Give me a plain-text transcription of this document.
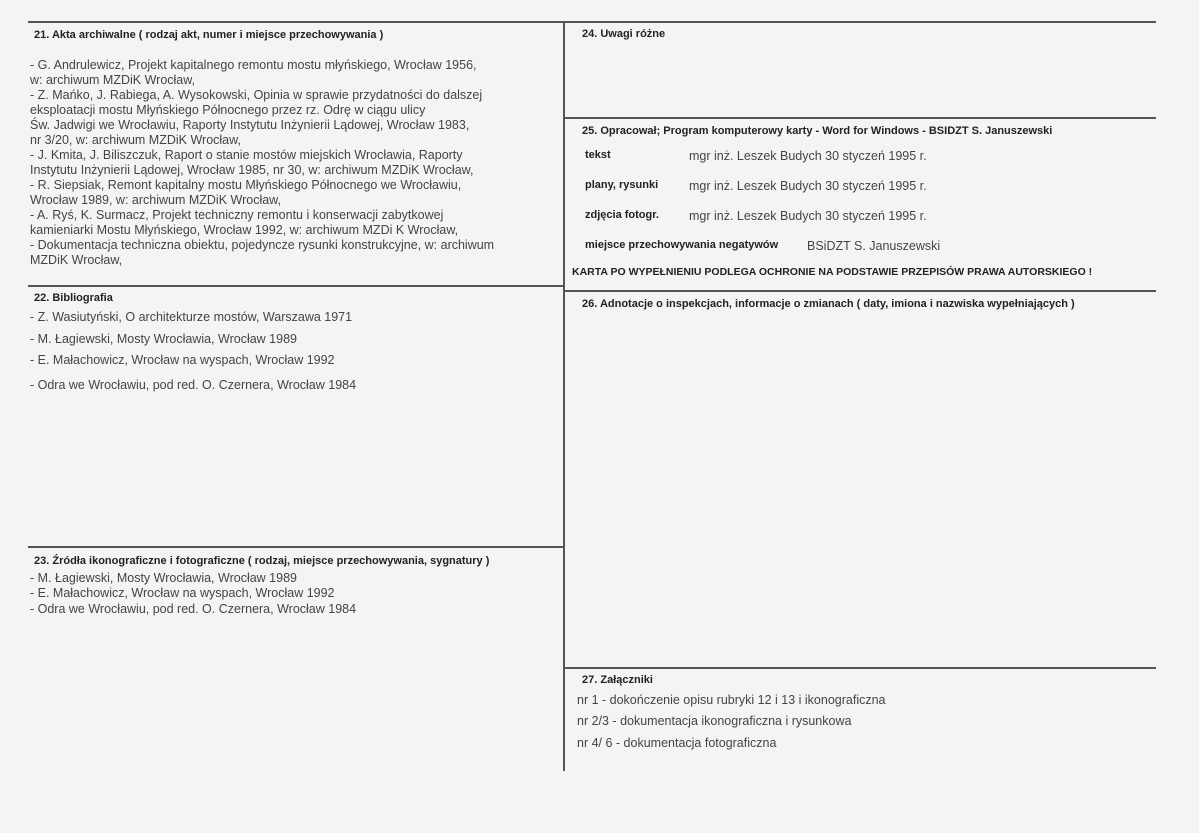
21. Akta archiwalne ( rodzaj akt, numer i miejsce przechowywania )
- G. Andrulewicz, Projekt kapitalnego remontu mostu młyńskiego, Wrocław 1956,
w: archiwum MZDiK Wrocław,
- Z. Mańko, J. Rabiega, A. Wysokowski, Opinia w sprawie przydatności do dalszej
eksploatacji mostu Młyńskiego Północnego przez rz. Odrę w ciągu ulicy
Św. Jadwigi we Wrocławiu, Raporty Instytutu Inżynierii Lądowej, Wrocław 1983,
nr 3/20, w: archiwum MZDiK Wrocław,
- J. Kmita, J. Biliszczuk, Raport o stanie mostów miejskich Wrocławia, Raporty
Instytutu Inżynierii Lądowej, Wrocław 1985, nr 30, w: archiwum MZDiK Wrocław,
- R. Siepsiak, Remont kapitalny mostu Młyńskiego Północnego we Wrocławiu,
Wrocław 1989, w: archiwum MZDiK Wrocław,
- A. Ryś, K. Surmacz, Projekt techniczny remontu i konserwacji zabytkowej
kamieniarki Mostu Młyńskiego, Wrocław 1992, w: archiwum MZDi K Wrocław,
- Dokumentacja techniczna obiektu, pojedyncze rysunki konstrukcyjne, w: archiwum
MZDiK Wrocław,
22. Bibliografia
- Z. Wasiutyński, O architekturze mostów, Warszawa 1971
- M. Łagiewski, Mosty Wrocławia, Wrocław 1989
- E. Małachowicz, Wrocław na wyspach, Wrocław 1992
- Odra we Wrocławiu, pod red. O. Czernera, Wrocław 1984
23. Źródła ikonograficzne i fotograficzne ( rodzaj, miejsce przechowywania, sygnatury )
- M. Łagiewski, Mosty Wrocławia, Wrocław 1989
- E. Małachowicz, Wrocław na wyspach, Wrocław 1992
- Odra we Wrocławiu, pod red. O. Czernera, Wrocław 1984
24. Uwagi różne
25. Opracował; Program komputerowy karty - Word for Windows - BSIDZT S. Januszewski
tekst	mgr inż. Leszek Budych 30 styczeń 1995 r.
plany, rysunki mgr inż. Leszek Budych 30 styczeń 1995 r.
zdjęcia fotogr. mgr inż. Leszek Budych 30 styczeń 1995 r.
miejsce przechowywania negatywów BSiDZT S. Januszewski
KARTA PO WYPEŁNIENIU PODLEGA OCHRONIE NA PODSTAWIE PRZEPISÓW PRAWA AUTORSKIEGO !
26. Adnotacje o inspekcjach, informacje o zmianach ( daty, imiona i nazwiska wypełniających )
27. Załączniki
nr 1 - dokończenie opisu rubryki 12 i 13 i ikonograficzna
nr 2/3 - dokumentacja ikonograficzna i rysunkowa
nr 4/ 6 - dokumentacja fotograficzna
